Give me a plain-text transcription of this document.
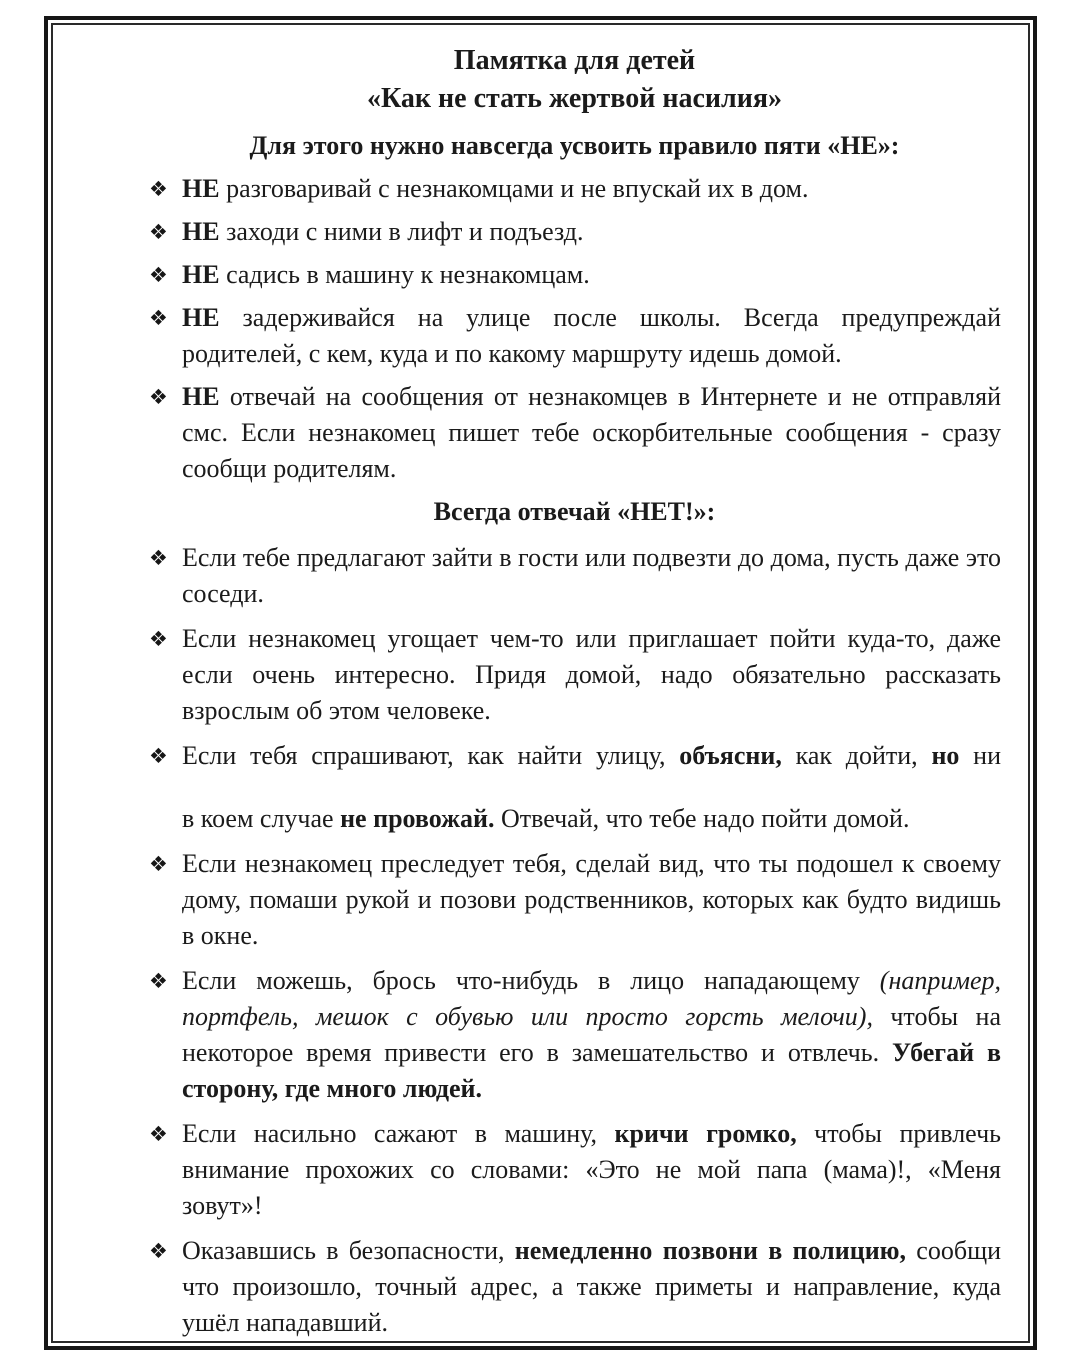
Памятка для детей
«Как не стать жертвой насилия»
Для этого нужно навсегда усвоить правило пяти «НЕ»:
❖ НЕ разговаривай с незнакомцами и не впускай их в дом.

❖ НЕ заходи с ними в лифт и подъезд.

❖ НЕ садись в машину к незнакомцам.

❖ НЕ задерживайся на улице после школы. Всегда предупреждай родителей, с кем, куда и по какому маршруту идешь домой.

❖ НЕ отвечай на сообщения от незнакомцев в Интернете и не отправляй смс. Если незнакомец пишет тебе оскорбительные сообщения - сразу сообщи родителям.

Всегда отвечай «НЕТ!»:
❖ Если тебе предлагают зайти в гости или подвезти до дома, пусть даже это соседи.

❖ Если незнакомец угощает чем-то или приглашает пойти куда-то, даже если очень интересно. Придя домой, надо обязательно рассказать взрослым об этом человеке.

❖ Если тебя спрашивают, как найти улицу, объясни, как дойти, но ни

в коем случае не провожай. Отвечай, что тебе надо пойти домой.

❖ Если незнакомец преследует тебя, сделай вид, что ты подошел к своему дому, помаши рукой и позови родственников, которых как будто видишь в окне.

❖ Если можешь, брось что-нибудь в лицо нападающему (например, портфель, мешок с обувью или просто горсть мелочи), чтобы на некоторое время привести его в замешательство и отвлечь. Убегай в сторону, где много людей.

❖ Если насильно сажают в машину, кричи громко, чтобы привлечь внимание прохожих со словами: «Это не мой папа (мама)!, «Меня зовут»!

❖ Оказавшись в безопасности, немедленно позвони в полицию, сообщи что произошло, точный адрес, а также приметы и направление, куда ушёл нападавший.
